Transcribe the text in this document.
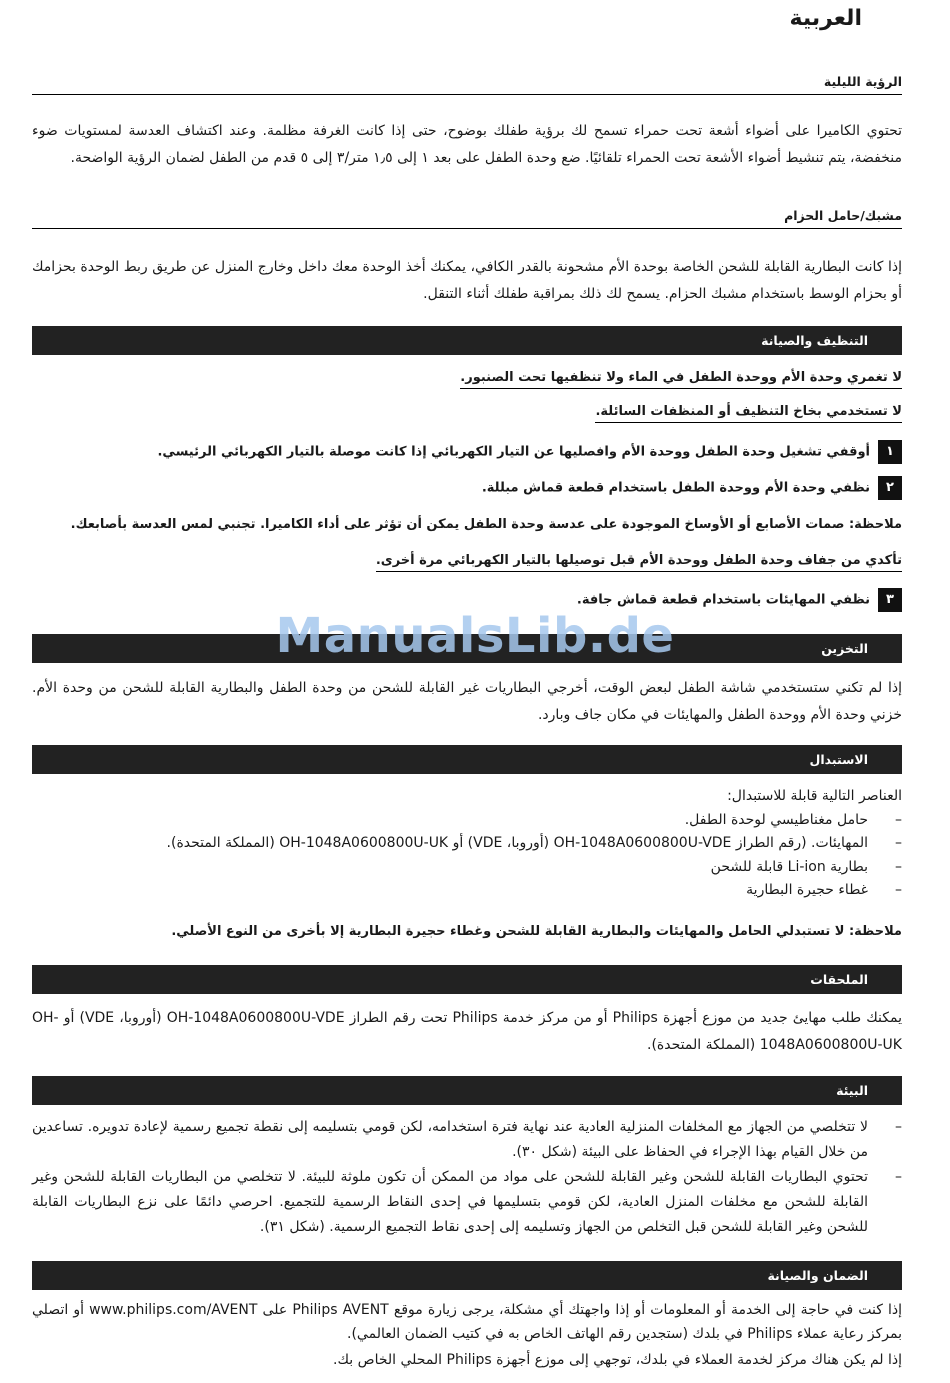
العربية
الرؤية الليلية
تحتوي الكاميرا على أضواء أشعة تحت حمراء تسمح لك برؤية طفلك بوضوح، حتى إذا كانت الغرفة مظلمة. وعند اكتشاف العدسة لمستويات ضوء منخفضة، يتم تنشيط أضواء الأشعة تحت الحمراء تلقائيًا. ضع وحدة الطفل على بعد ١ إلى ١٫٥ متر/٣ إلى ٥ قدم من الطفل لضمان الرؤية الواضحة.
مشبك/حامل الحزام
إذا كانت البطارية القابلة للشحن الخاصة بوحدة الأم مشحونة بالقدر الكافي، يمكنك أخذ الوحدة معك داخل وخارج المنزل عن طريق ربط الوحدة بحزامك أو بحزام الوسط باستخدام مشبك الحزام. يسمح لك ذلك بمراقبة طفلك أثناء التنقل.
التنظيف والصيانة
لا تغمري وحدة الأم ووحدة الطفل في الماء ولا تنظفيها تحت الصنبور.
لا تستخدمي بخاخ التنظيف أو المنظفات السائلة.
١أوقفي تشغيل وحدة الطفل ووحدة الأم وافصليها عن التيار الكهربائي إذا كانت موصلة بالتيار الكهربائي الرئيسي.
٢نظفي وحدة الأم ووحدة الطفل باستخدام قطعة قماش مبللة.
ملاحظة: صمات الأصابع أو الأوساخ الموجودة على عدسة وحدة الطفل يمكن أن تؤثر على أداء الكاميرا. تجنبي لمس العدسة بأصابعك.
تأكدي من جفاف وحدة الطفل ووحدة الأم قبل توصيلها بالتيار الكهربائي مرة أخرى.
٣نظفي المهايئات باستخدام قطعة قماش جافة.
التخزين
إذا لم تكني ستستخدمي شاشة الطفل لبعض الوقت، أخرجي البطاريات غير القابلة للشحن من وحدة الطفل والبطارية القابلة للشحن من وحدة الأم. خزني وحدة الأم ووحدة الطفل والمهايئات في مكان جاف وبارد.
الاستبدال
العناصر التالية قابلة للاستبدال:
–
حامل مغناطيسي لوحدة الطفل.
–
المهايئات. (رقم الطراز OH-1048A0600800U-VDE (أوروبا، VDE) أو OH-1048A0600800U-UK (المملكة المتحدة).
–
بطارية Li-ion قابلة للشحن
–
غطاء حجيرة البطارية
ملاحظة: لا تستبدلي الحامل والمهايئات والبطارية القابلة للشحن وغطاء حجيرة البطارية إلا بأخرى من النوع الأصلي.
الملحقات
يمكنك طلب مهايئ جديد من موزع أجهزة Philips أو من مركز خدمة Philips تحت رقم الطراز OH-1048A0600800U-VDE (أوروبا، VDE) أو OH-1048A0600800U-UK (المملكة المتحدة).
البيئة
–
لا تتخلصي من الجهاز مع المخلفات المنزلية العادية عند نهاية فترة استخدامه، لكن قومي بتسليمه إلى نقطة تجميع رسمية لإعادة تدويره. تساعدين من خلال القيام بهذا الإجراء في الحفاظ على البيئة (شكل ٣٠).
–
تحتوي البطاريات القابلة للشحن وغير القابلة للشحن على مواد من الممكن أن تكون ملوثة للبيئة. لا تتخلصي من البطاريات القابلة للشحن وغير القابلة للشحن مع مخلفات المنزل العادية، لكن قومي بتسليمها في إحدى النقاط الرسمية للتجميع. احرصي دائمًا على نزع البطاريات القابلة للشحن وغير القابلة للشحن قبل التخلص من الجهاز وتسليمه إلى إحدى نقاط التجميع الرسمية. (شكل ٣١).
الضمان والصيانة
إذا كنت في حاجة إلى الخدمة أو المعلومات أو إذا واجهتك أي مشكلة، يرجى زيارة موقع Philips AVENT على www.philips.com/AVENT أو اتصلي بمركز رعاية عملاء Philips في بلدك (ستجدين رقم الهاتف الخاص به في كتيب الضمان العالمي).
إذا لم يكن هناك مركز لخدمة العملاء في بلدك، توجهي إلى موزع أجهزة Philips المحلي الخاص بك.
ManualsLib.de
